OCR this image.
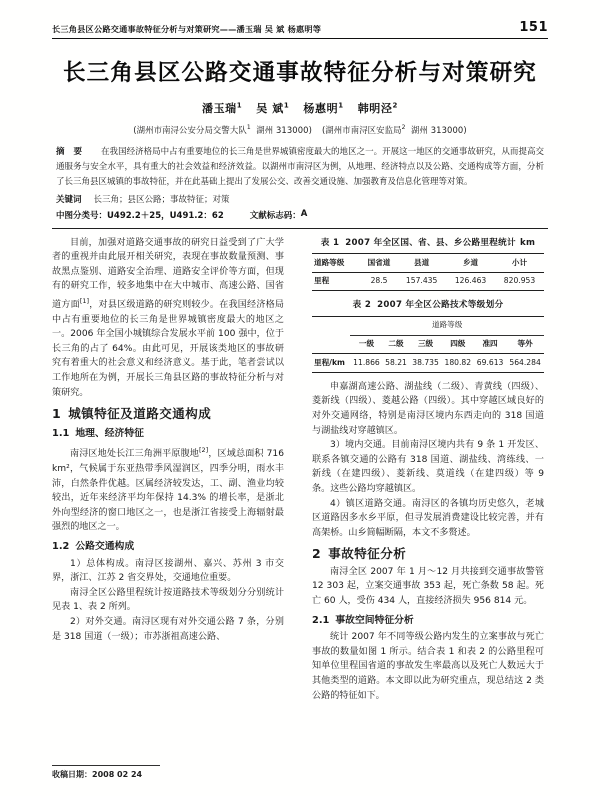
长三角县区公路交通事故特征分析与对策研究——潘玉瑞 吴 斌 杨惠明等	151
长三角县区公路交通事故特征分析与对策研究
潘玉瑞$^1$ 吴 斌$^1$ 杨惠明$^1$ 韩明泾$^2$
(湖州市南浔公安分局交警大队$^1$ 湖州 313000) (湖州市南浔区安监局$^2$ 湖州 313000)
摘 要 在我国经济格局中占有重要地位的长三角是世界城镇密度最大的地区之一。开展这一地区的交通事故研究，从而提高交通服务与安全水平，具有重大的社会效益和经济效益。以湖州市南浔区为例，从地理、经济特点以及公路、交通构成等方面，分析了长三角县区城镇的事故特征，并在此基础上提出了发展公交、改善交通设施、加强教育及信息化管理等对策。
关键词 长三角；县区公路；事故特征；对策
中图分类号： U492.2＋25，U491.2：62	文献标志码： A

目前，加强对道路交通事故的研究日益受到了广大学者的重视并由此展开相关研究，表现在事故数量预测、事故黑点鉴别、道路安全治理、道路安全评价等方面，但现有的研究工作，较多地集中在大中城市、高速公路、国省道方面[1]，对县区级道路的研究则较少。在我国经济格局中占有重要地位的长三角是世界城镇密度最大的地区之一。2006 年全国小城镇综合发展水平前 100 强中，位于长三角的占了 64%。由此可见，开展该类地区的事故研究有着重大的社会意义和经济意义。基于此，笔者尝试以工作地所在为例，开展长三角县区路的事故特征分析与对策研究。

1 城镇特征及道路交通构成
1.1 地理、经济特征

南浔区地处长江三角洲平原腹地[2]，区域总面积 716 km²，气候属于东亚热带季风湿润区，四季分明，雨水丰沛，白然条件优越。区属经济较发达，工、副、渔业均较较出，近年来经济平均年保持 14.3% 的增长率，是浙北外向型经济的窗口地区之一，也是浙江省接受上海辐射最强烈的地区之一。

1.2 公路交通构成

1）总体构成。南浔区接湖州、嘉兴、苏州 3 市交界，浙江、江苏 2 省交界处，交通地位重要。

南浔全区公路里程统计按道路技术等级划分分别统计见表 1、表 2 所列。

2）对外交通。南浔区现有对外交通公路 7 条，分别是 318 国道（一级）；市苏浙祖高速公路、

表 1 2007 年全区国、省、县、乡公路里程统计 km
道路等级	国省道	县道	乡道	小计
里程	28.5	157.435	126.463	820.953
表 2 2007 年全区公路技术等级划分
	道路等级					
	一级	二级	三级	四级	准四	等外
里程/km	11.866	58.21	38.735	180.82	69.613	564.284

申嘉湖高速公路、湖盐线（二级）、青黄线（四级）、菱新线（四级）、菱越公路（四级）。其中穿越区域良好的对外交通网络，特别是南浔区境内东西走向的 318 国道与湖盐线对穿越镇区。

3）境内交通。目前南浔区境内共有 9 条 1 开发区、联系各镇交通的公路有 318 国道、湖盐线、湾练线、一新线（在建四级）、菱新线、莫道线（在建四级）等 9 条。这些公路均穿越镇区。

4）镇区道路交通。南浔区的各镇均历史悠久，老城区道路因多水乡平原，但寻发展消费建设比较完善，并有高架桥。山乡简幅断隔，本文不多赘述。

2 事故特征分析

南浔全区 2007 年 1 月～12 月共接到交通事故警管 12 303 起，立案交通事故 353 起，死亡条数 58 起。死亡 60 人，受伤 434 人，直接经济损失 956 814 元。

2.1 事故空间特征分析

统计 2007 年不同等级公路内发生的立案事故与死亡事故的数量如图 1 所示。结合表 1 和表 2 的公路里程可知单位里程国省道的事故发生率最高以及死亡人数远大于其他类型的道路。本文即以此为研究重点，现总结这 2 类公路的特征如下。

收稿日期：2008 02 24
